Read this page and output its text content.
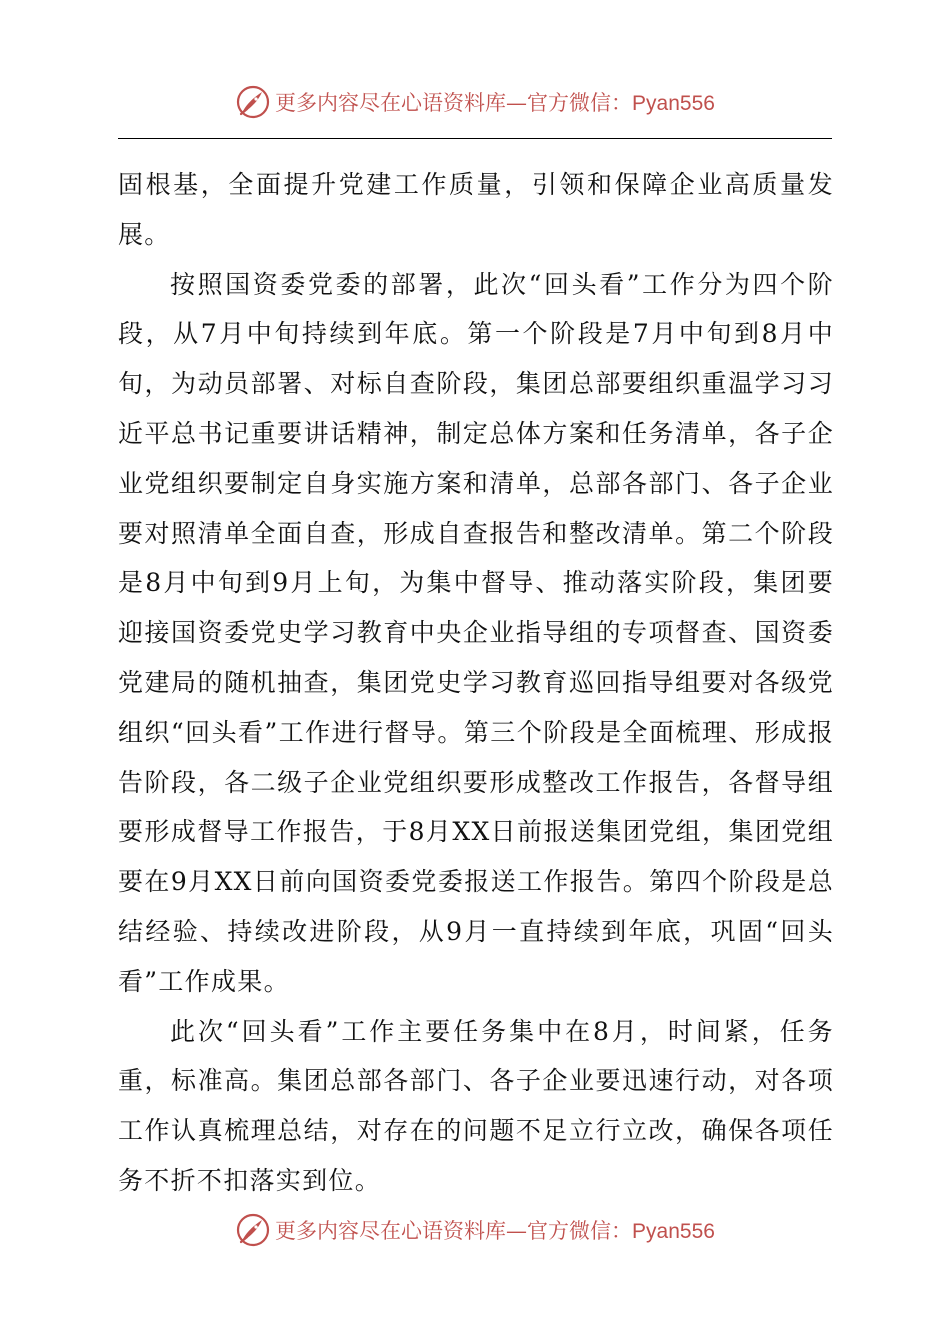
更多内容尽在心语资料库—官方微信：Pyan556

固根基，全面提升党建工作质量，引领和保障企业高质量发展。

按照国资委党委的部署，此次“回头看”工作分为四个阶段，从7月中旬持续到年底。第一个阶段是7月中旬到8月中旬，为动员部署、对标自查阶段，集团总部要组织重温学习习近平总书记重要讲话精神，制定总体方案和任务清单，各子企业党组织要制定自身实施方案和清单，总部各部门、各子企业要对照清单全面自查，形成自查报告和整改清单。第二个阶段是8月中旬到9月上旬，为集中督导、推动落实阶段，集团要迎接国资委党史学习教育中央企业指导组的专项督查、国资委党建局的随机抽查，集团党史学习教育巡回指导组要对各级党组织“回头看”工作进行督导。第三个阶段是全面梳理、形成报告阶段，各二级子企业党组织要形成整改工作报告，各督导组要形成督导工作报告，于8月XX日前报送集团党组，集团党组要在9月XX日前向国资委党委报送工作报告。第四个阶段是总结经验、持续改进阶段，从9月一直持续到年底，巩固“回头看”工作成果。

此次“回头看”工作主要任务集中在8月，时间紧，任务重，标准高。集团总部各部门、各子企业要迅速行动，对各项工作认真梳理总结，对存在的问题不足立行立改，确保各项任务不折不扣落实到位。

更多内容尽在心语资料库—官方微信：Pyan556
